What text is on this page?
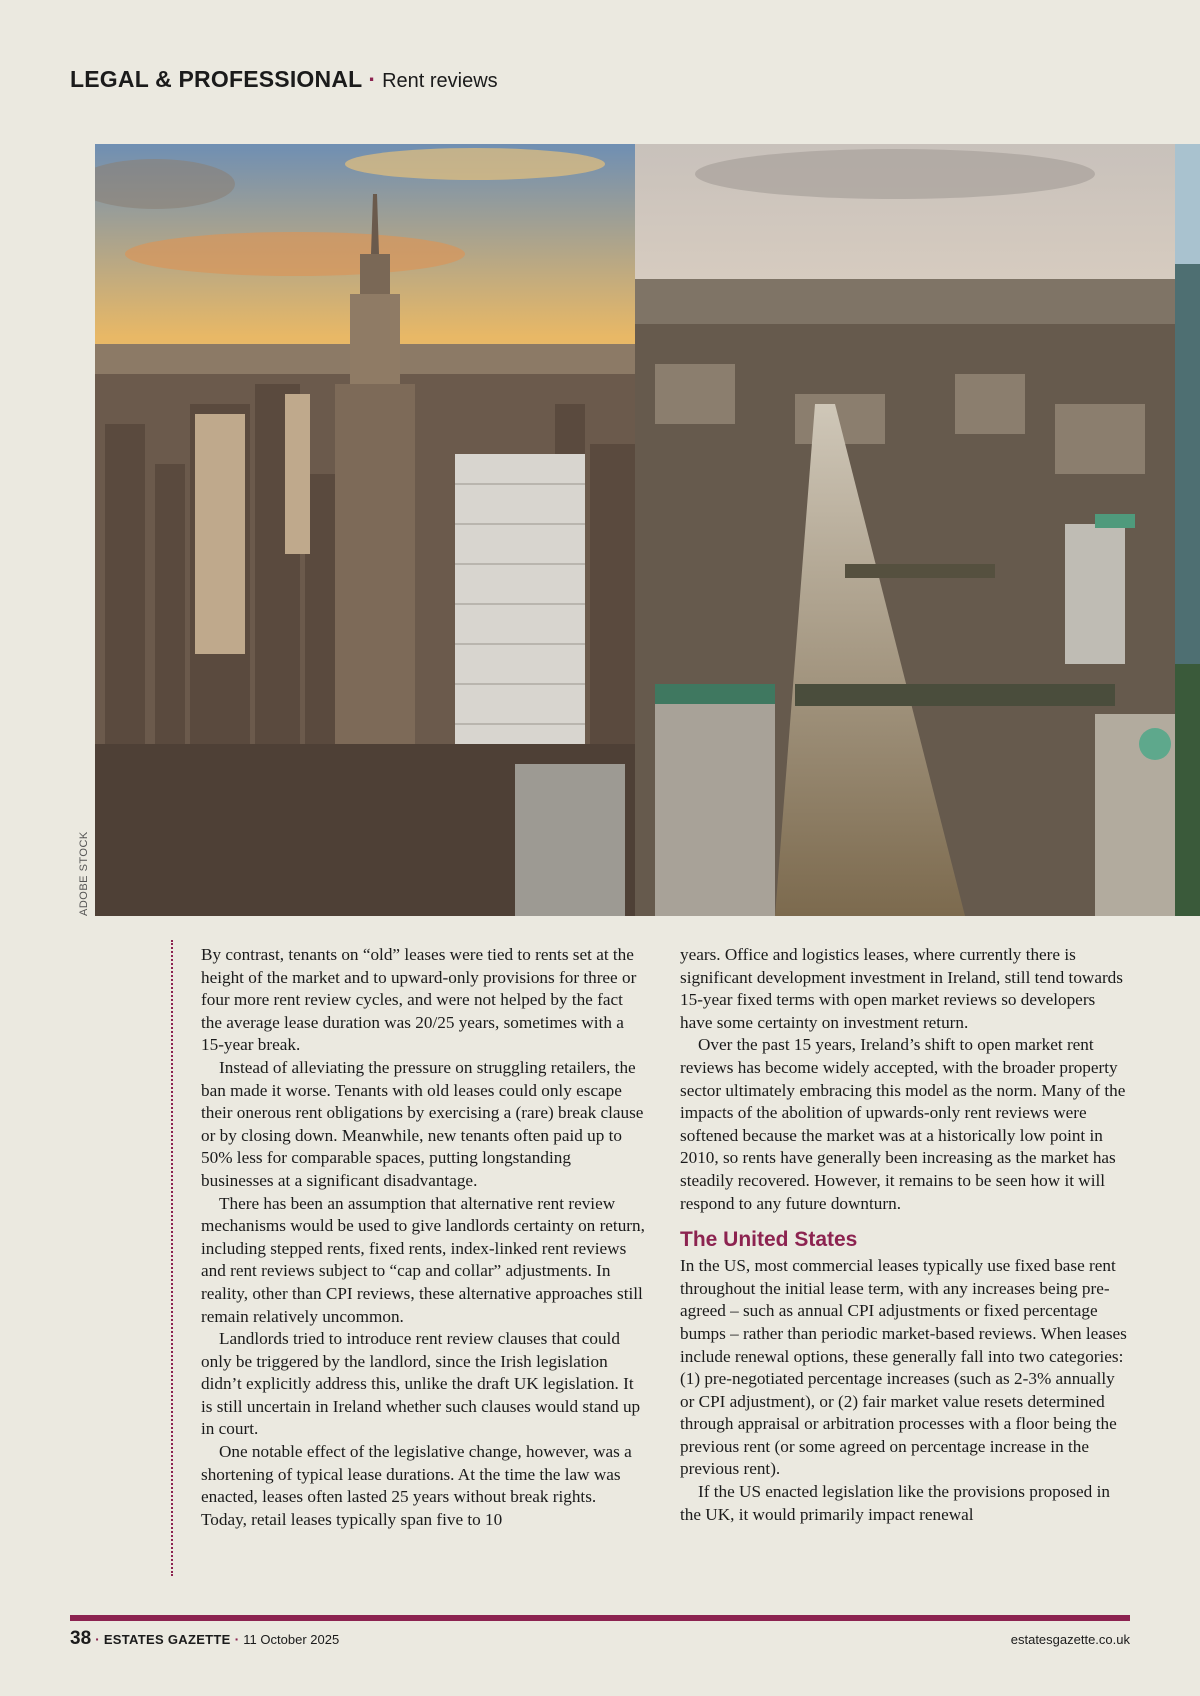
LEGAL & PROFESSIONAL · Rent reviews
ADOBE STOCK

By contrast, tenants on “old” leases were tied to rents set at the height of the market and to upward-only provisions for three or four more rent review cycles, and were not helped by the fact the average lease duration was 20/25 years, sometimes with a 15-year break.

Instead of alleviating the pressure on struggling retailers, the ban made it worse. Tenants with old leases could only escape their onerous rent obligations by exercising a (rare) break clause or by closing down. Meanwhile, new tenants often paid up to 50% less for comparable spaces, putting longstanding businesses at a significant disadvantage.

There has been an assumption that alternative rent review mechanisms would be used to give landlords certainty on return, including stepped rents, fixed rents, index-linked rent reviews and rent reviews subject to “cap and collar” adjustments. In reality, other than CPI reviews, these alternative approaches still remain relatively uncommon.

Landlords tried to introduce rent review clauses that could only be triggered by the landlord, since the Irish legislation didn’t explicitly address this, unlike the draft UK legislation. It is still uncertain in Ireland whether such clauses would stand up in court.

One notable effect of the legislative change, however, was a shortening of typical lease durations. At the time the law was enacted, leases often lasted 25 years without break rights. Today, retail leases typically span five to 10

years. Office and logistics leases, where currently there is significant development investment in Ireland, still tend towards 15-year fixed terms with open market reviews so developers have some certainty on investment return.

Over the past 15 years, Ireland’s shift to open market rent reviews has become widely accepted, with the broader property sector ultimately embracing this model as the norm. Many of the impacts of the abolition of upwards-only rent reviews were softened because the market was at a historically low point in 2010, so rents have generally been increasing as the market has steadily recovered. However, it remains to be seen how it will respond to any future downturn.

The United States

In the US, most commercial leases typically use fixed base rent throughout the initial lease term, with any increases being pre-agreed – such as annual CPI adjustments or fixed percentage bumps – rather than periodic market-based reviews. When leases include renewal options, these generally fall into two categories: (1) pre-negotiated percentage increases (such as 2-3% annually or CPI adjustment), or (2) fair market value resets determined through appraisal or arbitration processes with a floor being the previous rent (or some agreed on percentage increase in the previous rent).

If the US enacted legislation like the provisions proposed in the UK, it would primarily impact renewal

38 · ESTATES GAZETTE · 11 October 2025	estatesgazette.co.uk
